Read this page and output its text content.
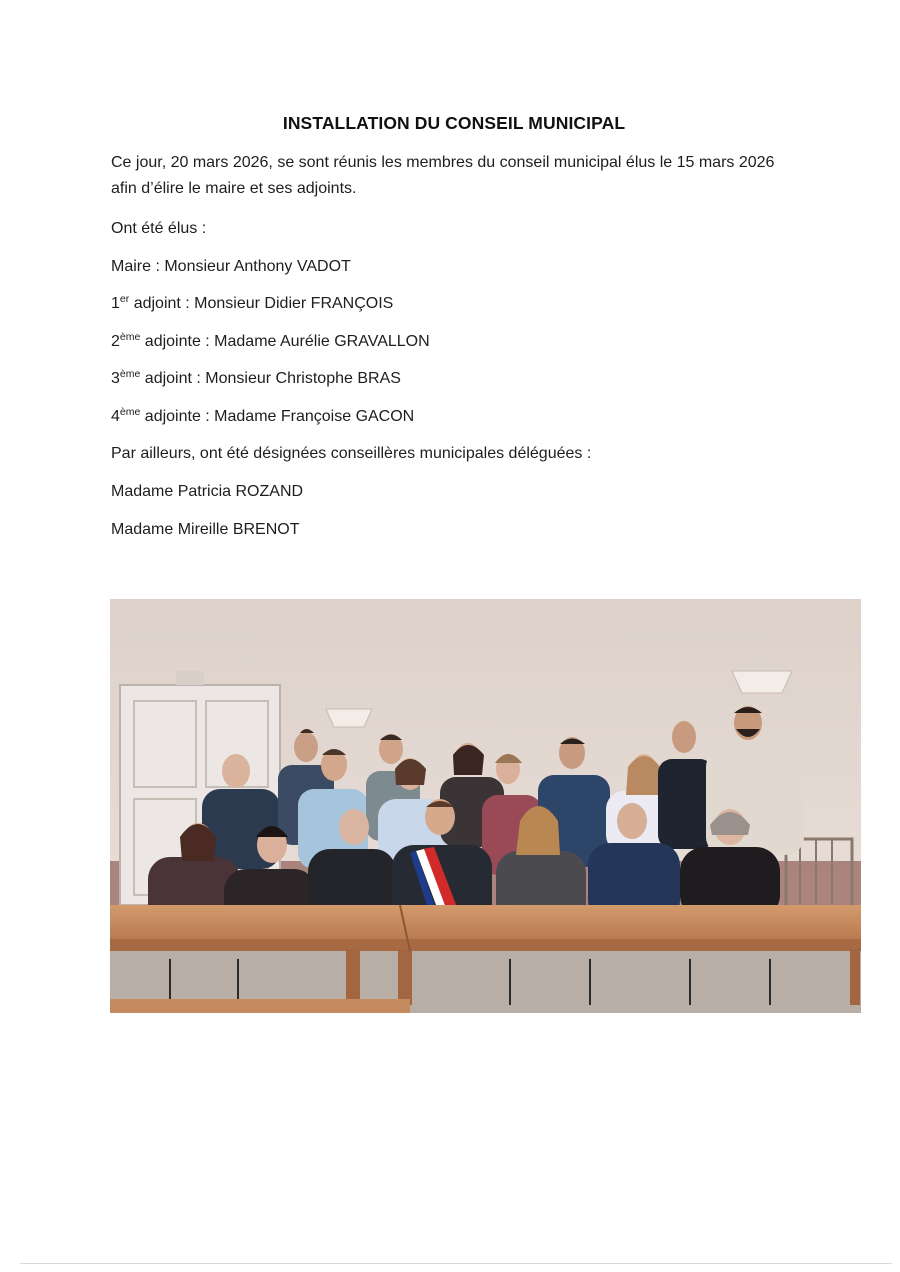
INSTALLATION DU CONSEIL MUNICIPAL
Ce jour, 20 mars 2026, se sont réunis les membres du conseil municipal élus le 15 mars 2026
afin d’élire le maire et ses adjoints.
Ont été élus :
Maire : Monsieur Anthony VADOT
1er adjoint : Monsieur Didier FRANÇOIS
2ème adjointe : Madame Aurélie GRAVALLON
3ème adjoint : Monsieur Christophe BRAS
4ème adjointe : Madame Françoise GACON
Par ailleurs, ont été désignées conseillères municipales déléguées :
Madame Patricia ROZAND
Madame Mireille BRENOT
